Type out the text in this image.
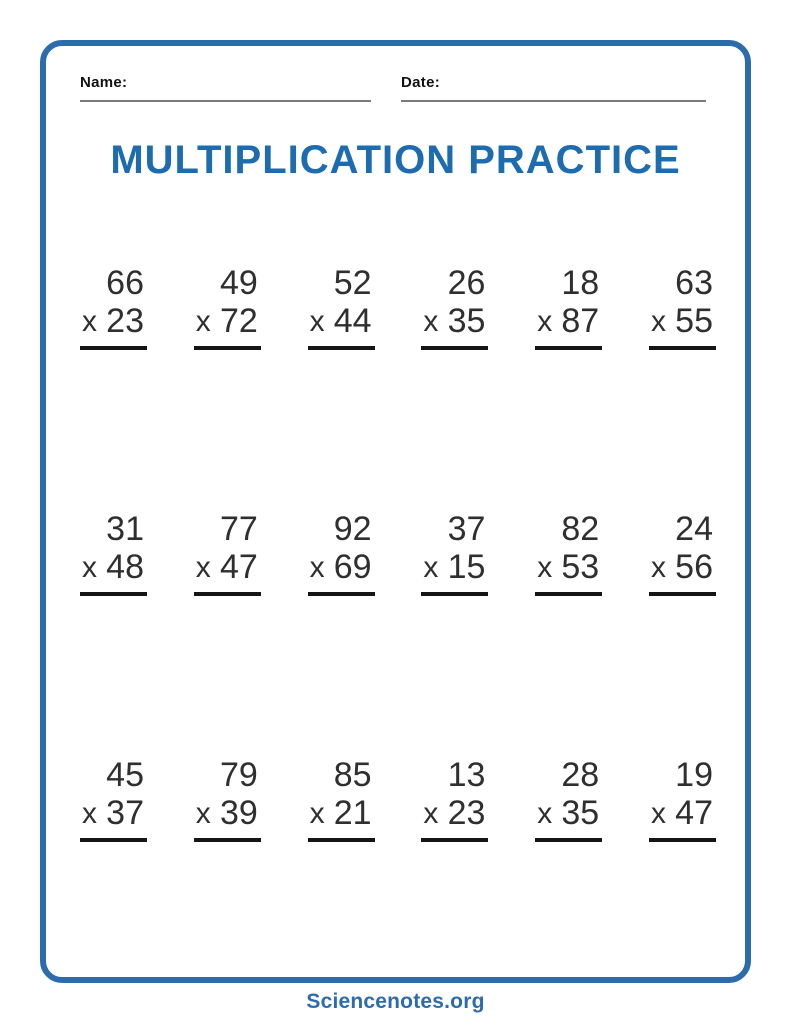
Name:	Date:
MULTIPLICATION PRACTICE
66
x 23
49
x 72
52
x 44
26
x 35
18
x 87
63
x 55
31
x 48
77
x 47
92
x 69
37
x 15
82
x 53
24
x 56
45
x 37
79
x 39
85
x 21
13
x 23
28
x 35
19
x 47
Sciencenotes.org
